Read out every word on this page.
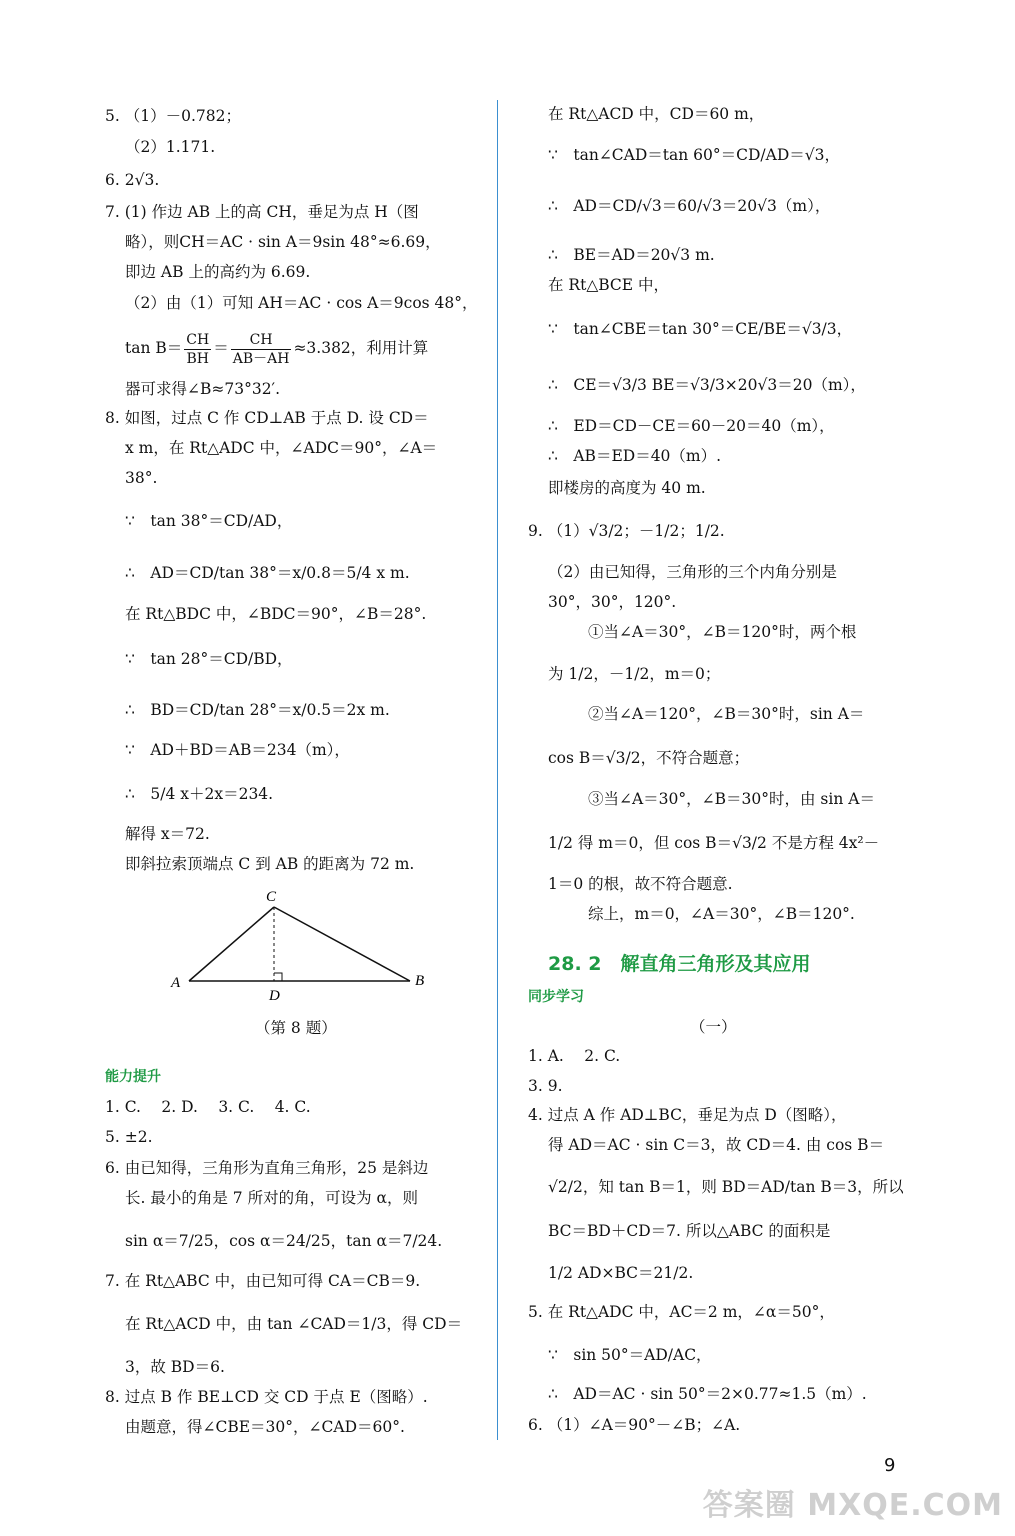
5. （1）－0.782；
（2）1.171.
6. 2√3.
7. (1) 作边 AB 上的高 CH，垂足为点 H（图
略），则CH＝AC · sin A＝9sin 48°≈6.69，
即边 AB 上的高约为 6.69.
（2）由（1）可知 AH＝AC · cos A＝9cos 48°，
$\tan B= \frac{CH}{BH} = \frac{CH}{AB-AH} \approx 3.382$，利用计算
器可求得∠B≈73°32′.
8. 如图，过点 C 作 CD⊥AB 于点 D. 设 CD＝
x m，在 Rt△ADC 中，∠ADC＝90°，∠A＝
38°.
∵　tan 38°＝CD/AD，
∴　AD＝CD/tan 38°＝x/0.8＝5/4 x m.
在 Rt△BDC 中，∠BDC＝90°，∠B＝28°.
∵　tan 28°＝CD/BD，
∴　BD＝CD/tan 28°＝x/0.5＝2x m.
∵　AD＋BD＝AB＝234（m），
∴　5/4 x＋2x＝234.
解得 x＝72.
即斜拉索顶端点 C 到 AB 的距离为 72 m.
A	B
C
D
（第 8 题）
能力提升
1. C.　 2. D.　 3. C.　 4. C.
5. ±2.
6. 由已知得，三角形为直角三角形，25 是斜边
长. 最小的角是 7 所对的角，可设为 α，则
sin α＝7/25，cos α＝24/25，tan α＝7/24.
7. 在 Rt△ABC 中，由已知可得 CA＝CB＝9.
在 Rt△ACD 中，由 tan ∠CAD＝1/3，得 CD＝
3，故 BD＝6.
8. 过点 B 作 BE⊥CD 交 CD 于点 E（图略）.
由题意，得∠CBE＝30°，∠CAD＝60°.
在 Rt△ACD 中，CD＝60 m，
∵　tan∠CAD＝tan 60°＝CD/AD＝√3，
∴　AD＝CD/√3＝60/√3＝20√3（m），
∴　BE＝AD＝20√3 m.
在 Rt△BCE 中，
∵　tan∠CBE＝tan 30°＝CE/BE＝√3/3，
∴　CE＝√3/3 BE＝√3/3×20√3＝20（m），
∴　ED＝CD－CE＝60－20＝40（m），
∴　AB＝ED＝40（m）.
即楼房的高度为 40 m.
9. （1）√3/2；－1/2；1/2.
（2）由已知得，三角形的三个内角分别是
30°，30°，120°.
①当∠A＝30°，∠B＝120°时，两个根
为 1/2，－1/2，m＝0；
②当∠A＝120°，∠B＝30°时，sin A＝
cos B＝√3/2，不符合题意；
③当∠A＝30°，∠B＝30°时，由 sin A＝
1/2 得 m＝0，但 cos B＝√3/2 不是方程 4x²－
1＝0 的根，故不符合题意.
综上，m＝0，∠A＝30°，∠B＝120°.
28. 2　解直角三角形及其应用
同步学习
（一）
1. A.　 2. C.
3. 9.
4. 过点 A 作 AD⊥BC，垂足为点 D（图略），
得 AD＝AC · sin C＝3，故 CD＝4. 由 cos B＝
√2/2，知 tan B＝1，则 BD＝AD/tan B＝3，所以
BC＝BD＋CD＝7. 所以△ABC 的面积是
1/2 AD×BC＝21/2.
5. 在 Rt△ADC 中，AC＝2 m，∠α＝50°，
∵　sin 50°＝AD/AC，
∴　AD＝AC · sin 50°＝2×0.77≈1.5（m）.
6. （1）∠A＝90°－∠B；∠A.
9
答案圈 MXQE.COM
